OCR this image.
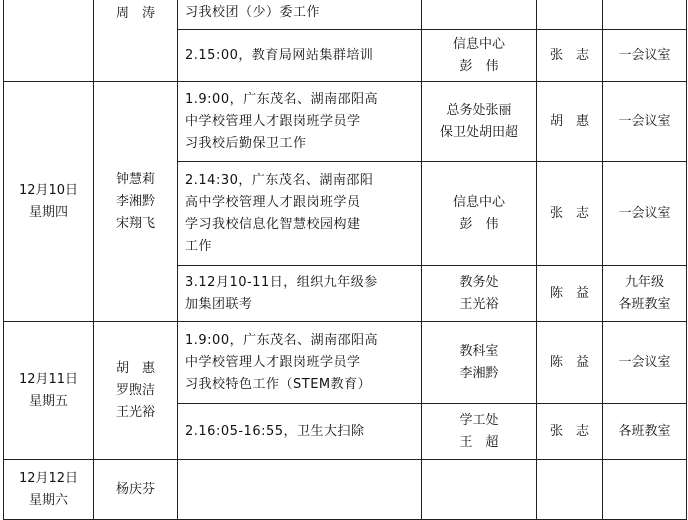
	周　涛	习我校团（少）委工作			

		2.15:00，教育局网站集群培训	信息中心
彭　伟	张　志	一会议室

12月10日
星期四	钟慧莉
李湘黔
宋翔飞	1.9:00，广东茂名、湖南邵阳高
中学校管理人才跟岗班学员学
习我校后勤保卫工作	总务处张丽
保卫处胡田超	胡　惠	一会议室

		2.14:30，广东茂名、湖南邵阳
高中学校管理人才跟岗班学员
学习我校信息化智慧校园构建
工作	信息中心
彭　伟	张　志	一会议室

		3.12月10-11日，组织九年级参
加集团联考	教务处
王光裕	陈　益	九年级
各班教室

12月11日
星期五	胡　惠
罗煦洁
王光裕	1.9:00，广东茂名、湖南邵阳高
中学校管理人才跟岗班学员学
习我校特色工作（STEM教育）	教科室
李湘黔	陈　益	一会议室

		2.16:05-16:55，卫生大扫除	学工处
王　超	张　志	各班教室

12月12日
星期六	杨庆芬				
